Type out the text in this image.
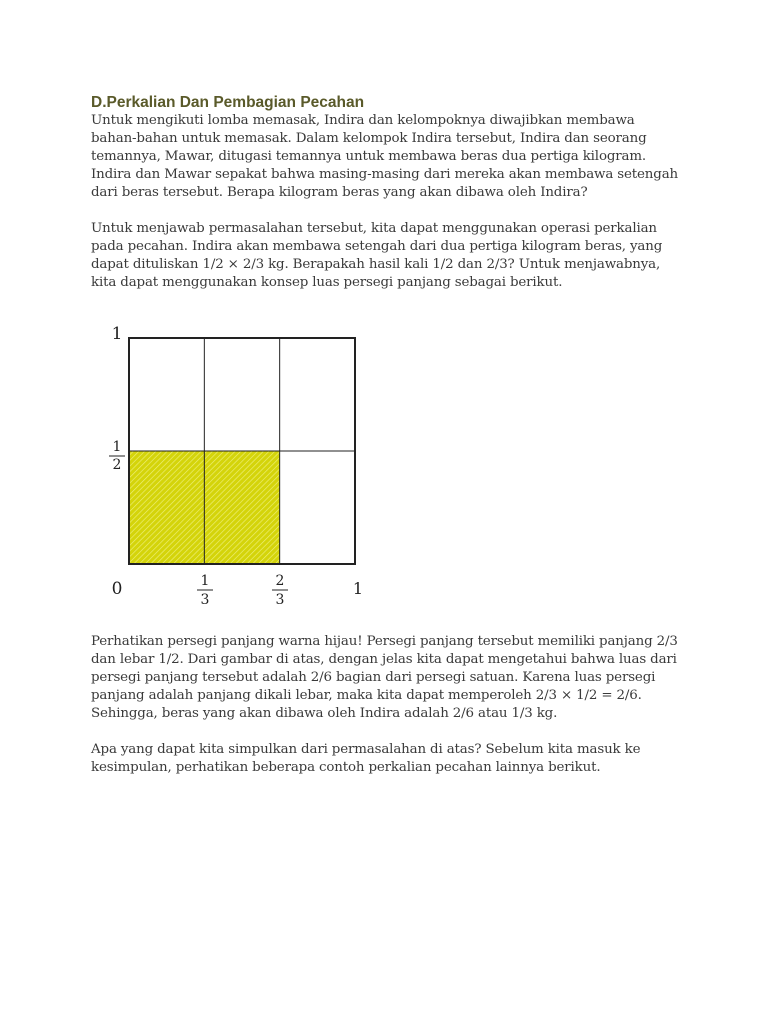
D.Perkalian Dan Pembagian Pecahan

Untuk mengikuti lomba memasak, Indira dan kelompoknya diwajibkan membawa
bahan-bahan untuk memasak. Dalam kelompok Indira tersebut, Indira dan seorang
temannya, Mawar, ditugasi temannya untuk membawa beras dua pertiga kilogram.
Indira dan Mawar sepakat bahwa masing-masing dari mereka akan membawa setengah
dari beras tersebut. Berapa kilogram beras yang akan dibawa oleh Indira?

Untuk menjawab permasalahan tersebut, kita dapat menggunakan operasi perkalian
pada pecahan. Indira akan membawa setengah dari dua pertiga kilogram beras, yang
dapat dituliskan 1/2 × 2/3 kg. Berapakah hasil kali 1/2 dan 2/3? Untuk menjawabnya,
kita dapat menggunakan konsep luas persegi panjang sebagai berikut.

1
1
2
0	1
3
2
3
1

Perhatikan persegi panjang warna hijau! Persegi panjang tersebut memiliki panjang 2/3
dan lebar 1/2. Dari gambar di atas, dengan jelas kita dapat mengetahui bahwa luas dari
persegi panjang tersebut adalah 2/6 bagian dari persegi satuan. Karena luas persegi
panjang adalah panjang dikali lebar, maka kita dapat memperoleh 2/3 × 1/2 = 2/6.
Sehingga, beras yang akan dibawa oleh Indira adalah 2/6 atau 1/3 kg.

Apa yang dapat kita simpulkan dari permasalahan di atas? Sebelum kita masuk ke
kesimpulan, perhatikan beberapa contoh perkalian pecahan lainnya berikut.
